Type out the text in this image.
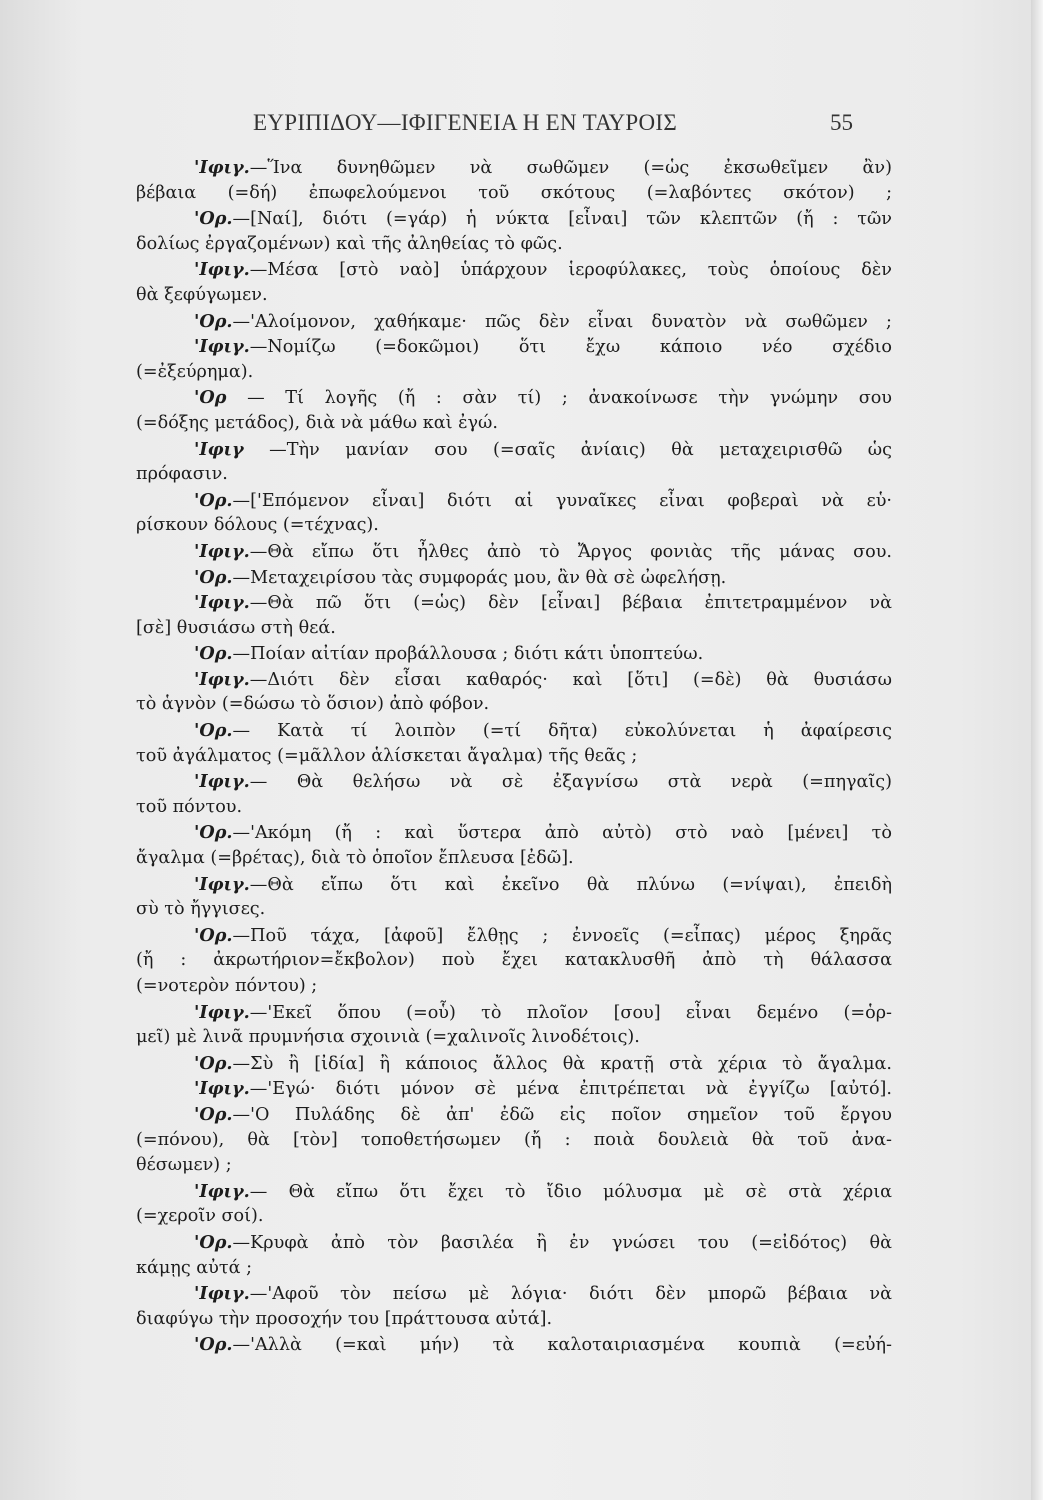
ΕΥΡΙΠΙΔΟΥ—ΙΦΙΓΕΝΕΙΑ Η ΕΝ ΤΑΥΡΟΙΣ	55
'Ιφιγ.—Ἵνα δυνηθῶμεν νὰ σωθῶμεν (=ὡς ἐκσωθεῖμεν ἂν)
βέβαια (=δή) ἐπωφελούμενοι τοῦ σκότους (=λαβόντες σκότον) ;
'Ορ.—[Ναί], διότι (=γάρ) ἡ νύκτα [εἶναι] τῶν κλεπτῶν (ἤ : τῶν
δολίως ἐργαζομένων) καὶ τῆς ἀληθείας τὸ φῶς.
'Ιφιγ.—Μέσα [στὸ ναὸ] ὑπάρχουν ἱεροφύλακες, τοὺς ὁποίους δὲν
θὰ ξεφύγωμεν.
'Ορ.—'Αλοίμονον, χαθήκαμε· πῶς δὲν εἶναι δυνατὸν νὰ σωθῶμεν ;
'Ιφιγ.—Νομίζω (=δοκῶμοι) ὅτι ἔχω κάποιο νέο σχέδιο
(=ἐξεύρημα).
'Ορ — Τί λογῆς (ἤ : σὰν τί) ; ἀνακοίνωσε τὴν γνώμην σου
(=δόξης μετάδος), διὰ νὰ μάθω καὶ ἐγώ.
'Ιφιγ —Τὴν μανίαν σου (=σαῖς ἀνίαις) θὰ μεταχειρισθῶ ὡς
πρόφασιν.
'Ορ.—['Επόμενον εἶναι] διότι αἱ γυναῖκες εἶναι φοβεραὶ νὰ εὑ·
ρίσκουν δόλους (=τέχνας).
'Ιφιγ.—Θὰ εἴπω ὅτι ἦλθες ἀπὸ τὸ Ἄργος φονιὰς τῆς μάνας σου.
'Ορ.—Μεταχειρίσου τὰς συμφοράς μου, ἂν θὰ σὲ ὠφελήσῃ.
'Ιφιγ.—Θὰ πῶ ὅτι (=ὡς) δὲν [εἶναι] βέβαια ἐπιτετραμμένον νὰ
[σὲ] θυσιάσω στὴ θεά.
'Ορ.—Ποίαν αἰτίαν προβάλλουσα ; διότι κάτι ὑποπτεύω.
'Ιφιγ.—Διότι δὲν εἶσαι καθαρός· καὶ [ὅτι] (=δὲ) θὰ θυσιάσω
τὸ ἁγνὸν (=δώσω τὸ ὅσιον) ἀπὸ φόβον.
'Ορ.— Κατὰ τί λοιπὸν (=τί δῆτα) εὐκολύνεται ἡ ἀφαίρεσις
τοῦ ἀγάλματος (=μᾶλλον ἁλίσκεται ἄγαλμα) τῆς θεᾶς ;
'Ιφιγ.— Θὰ θελήσω νὰ σὲ ἐξαγνίσω στὰ νερὰ (=πηγαῖς)
τοῦ πόντου.
'Ορ.—'Ακόμη (ἤ : καὶ ὕστερα ἀπὸ αὐτὸ) στὸ ναὸ [μένει] τὸ
ἄγαλμα (=βρέτας), διὰ τὸ ὁποῖον ἔπλευσα [ἐδῶ].
'Ιφιγ.—Θὰ εἴπω ὅτι καὶ ἐκεῖνο θὰ πλύνω (=νίψαι), ἐπειδὴ
σὺ τὸ ἤγγισες.
'Ορ.—Ποῦ τάχα, [ἀφοῦ] ἔλθῃς ; ἐννοεῖς (=εἶπας) μέρος ξηρᾶς
(ἤ : ἀκρωτήριον=ἔκβολον) ποὺ ἔχει κατακλυσθῆ ἀπὸ τὴ θάλασσα
(=νοτερὸν πόντου) ;
'Ιφιγ.—'Εκεῖ ὅπου (=οὗ) τὸ πλοῖον [σου] εἶναι δεμένο (=ὁρ-
μεῖ) μὲ λινᾶ πρυμνήσια σχοινιὰ (=χαλινοῖς λινοδέτοις).
'Ορ.—Σὺ ἢ [ἰδία] ἢ κάποιος ἄλλος θὰ κρατῇ στὰ χέρια τὸ ἄγαλμα.
'Ιφιγ.—'Εγώ· διότι μόνον σὲ μένα ἐπιτρέπεται νὰ ἐγγίζω [αὐτό].
'Ορ.—'Ο Πυλάδης δὲ ἀπ' ἐδῶ εἰς ποῖον σημεῖον τοῦ ἔργου
(=πόνου), θὰ [τὸν] τοποθετήσωμεν (ἤ : ποιὰ δουλειὰ θὰ τοῦ ἀνα-
θέσωμεν) ;
'Ιφιγ.— Θὰ εἴπω ὅτι ἔχει τὸ ἴδιο μόλυσμα μὲ σὲ στὰ χέρια
(=χεροῖν σοί).
'Ορ.—Κρυφὰ ἀπὸ τὸν βασιλέα ἢ ἐν γνώσει του (=εἰδότος) θὰ
κάμῃς αὐτά ;
'Ιφιγ.—'Αφοῦ τὸν πείσω μὲ λόγια· διότι δὲν μπορῶ βέβαια νὰ
διαφύγω τὴν προσοχήν του [πράττουσα αὐτά].
'Ορ.—'Αλλὰ (=καὶ μήν) τὰ καλοταιριασμένα κουπιὰ (=εὐή-
